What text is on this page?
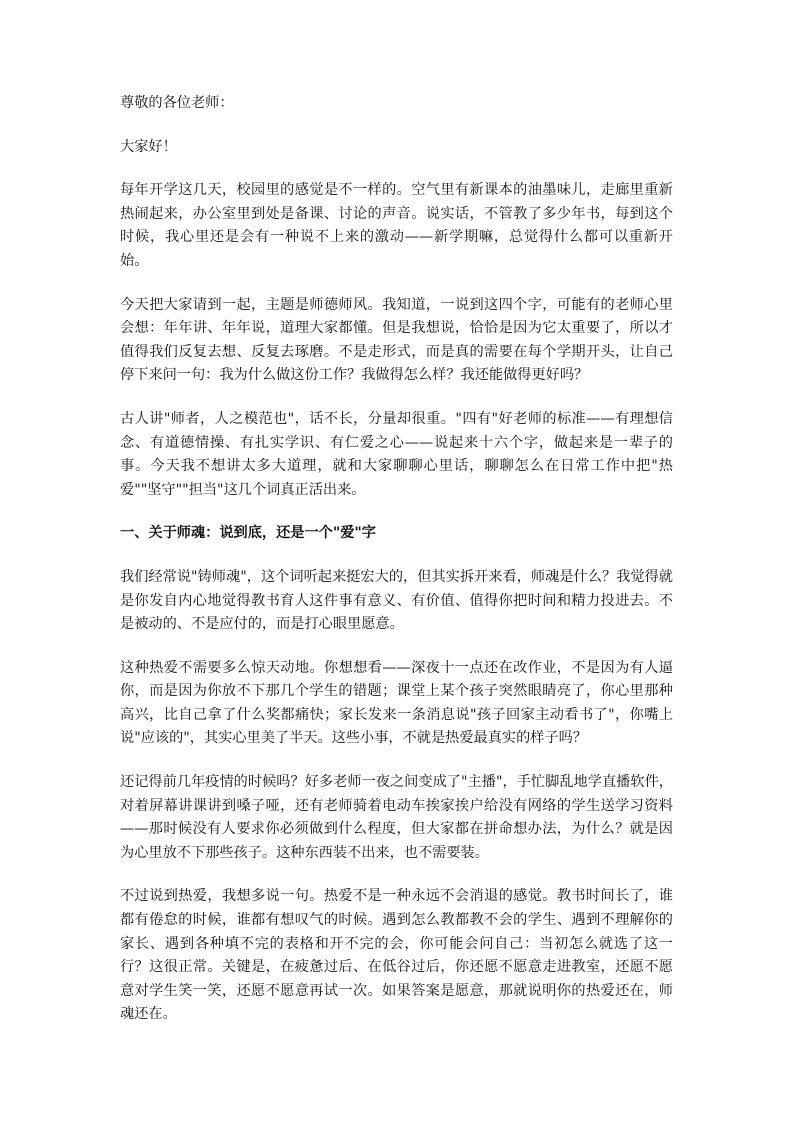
尊敬的各位老师：

大家好！

每年开学这几天，校园里的感觉是不一样的。空气里有新课本的油墨味儿，走廊里重新热闹起来，办公室里到处是备课、讨论的声音。说实话，不管教了多少年书，每到这个时候，我心里还是会有一种说不上来的激动——新学期嘛，总觉得什么都可以重新开始。

今天把大家请到一起，主题是师德师风。我知道，一说到这四个字，可能有的老师心里会想：年年讲、年年说，道理大家都懂。但是我想说，恰恰是因为它太重要了，所以才值得我们反复去想、反复去琢磨。不是走形式，而是真的需要在每个学期开头，让自己停下来问一句：我为什么做这份工作？我做得怎么样？我还能做得更好吗？

古人讲"师者，人之模范也"，话不长，分量却很重。"四有"好老师的标准——有理想信念、有道德情操、有扎实学识、有仁爱之心——说起来十六个字，做起来是一辈子的事。今天我不想讲太多大道理，就和大家聊聊心里话，聊聊怎么在日常工作中把"热爱""坚守""担当"这几个词真正活出来。

一、关于师魂：说到底，还是一个"爱"字

我们经常说"铸师魂"，这个词听起来挺宏大的，但其实拆开来看，师魂是什么？我觉得就是你发自内心地觉得教书育人这件事有意义、有价值、值得你把时间和精力投进去。不是被动的、不是应付的，而是打心眼里愿意。

这种热爱不需要多么惊天动地。你想想看——深夜十一点还在改作业，不是因为有人逼你，而是因为你放不下那几个学生的错题；课堂上某个孩子突然眼睛亮了，你心里那种高兴，比自己拿了什么奖都痛快；家长发来一条消息说"孩子回家主动看书了"，你嘴上说"应该的"，其实心里美了半天。这些小事，不就是热爱最真实的样子吗？

还记得前几年疫情的时候吗？好多老师一夜之间变成了"主播"，手忙脚乱地学直播软件，对着屏幕讲课讲到嗓子哑，还有老师骑着电动车挨家挨户给没有网络的学生送学习资料——那时候没有人要求你必须做到什么程度，但大家都在拼命想办法，为什么？就是因为心里放不下那些孩子。这种东西装不出来，也不需要装。

不过说到热爱，我想多说一句。热爱不是一种永远不会消退的感觉。教书时间长了，谁都有倦怠的时候，谁都有想叹气的时候。遇到怎么教都教不会的学生、遇到不理解你的家长、遇到各种填不完的表格和开不完的会，你可能会问自己：当初怎么就选了这一行？这很正常。关键是，在疲惫过后、在低谷过后，你还愿不愿意走进教室，还愿不愿意对学生笑一笑，还愿不愿意再试一次。如果答案是愿意，那就说明你的热爱还在，师魂还在。
